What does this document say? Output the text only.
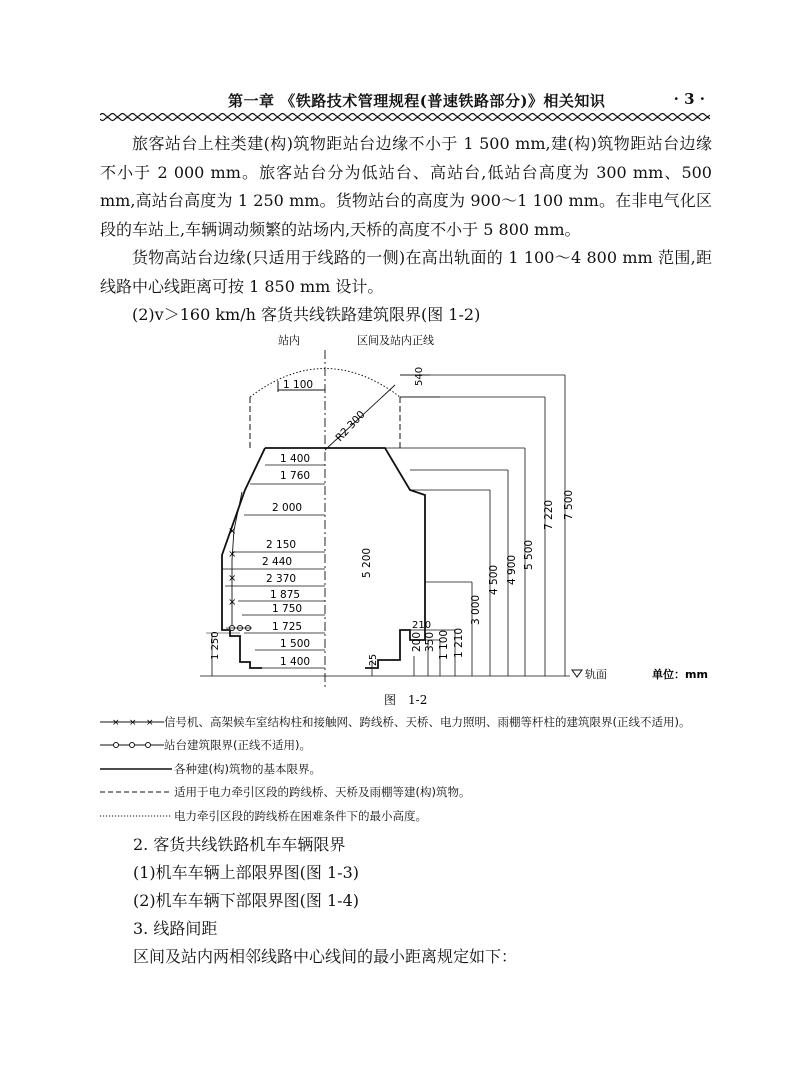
第一章 《铁路技术管理规程(普速铁路部分)》相关知识	· 3 ·

旅客站台上柱类建(构)筑物距站台边缘不小于 1 500 mm,建(构)筑物距站台边缘不小于 2 000 mm。旅客站台分为低站台、高站台,低站台高度为 300 mm、500 mm,高站台高度为 1 250 mm。货物站台的高度为 900～1 100 mm。在非电气化区段的车站上,车辆调动频繁的站场内,天桥的高度不小于 5 800 mm。

货物高站台边缘(只适用于线路的一侧)在高出轨面的 1 100～4 800 mm 范围,距线路中心线距离可按 1 850 mm 设计。

(2)v＞160 km/h 客货共线铁路建筑限界(图 1-2)

站内	区间及站内正线
1 100	540
R2 300
×
×
×
×
1 400
1 760
2 000
2 150
2 440
2 370
1 875
1 750
1 725
1 500
1 400
1 250
5 200
7 500
7 220
5 500
4 900
4 500
3 000
1 210
1 100
350
200
25
210
轨面	单位：mm
图　1-2
× × × 信号机、高架候车室结构柱和接触网、跨线桥、天桥、电力照明、雨棚等杆柱的建筑限界(正线不适用)。
站台建筑限界(正线不适用)。
各种建(构)筑物的基本限界。
适用于电力牵引区段的跨线桥、天桥及雨棚等建(构)筑物。
电力牵引区段的跨线桥在困难条件下的最小高度。
2. 客货共线铁路机车车辆限界
(1)机车车辆上部限界图(图 1-3)
(2)机车车辆下部限界图(图 1-4)
3. 线路间距
区间及站内两相邻线路中心线间的最小距离规定如下：
